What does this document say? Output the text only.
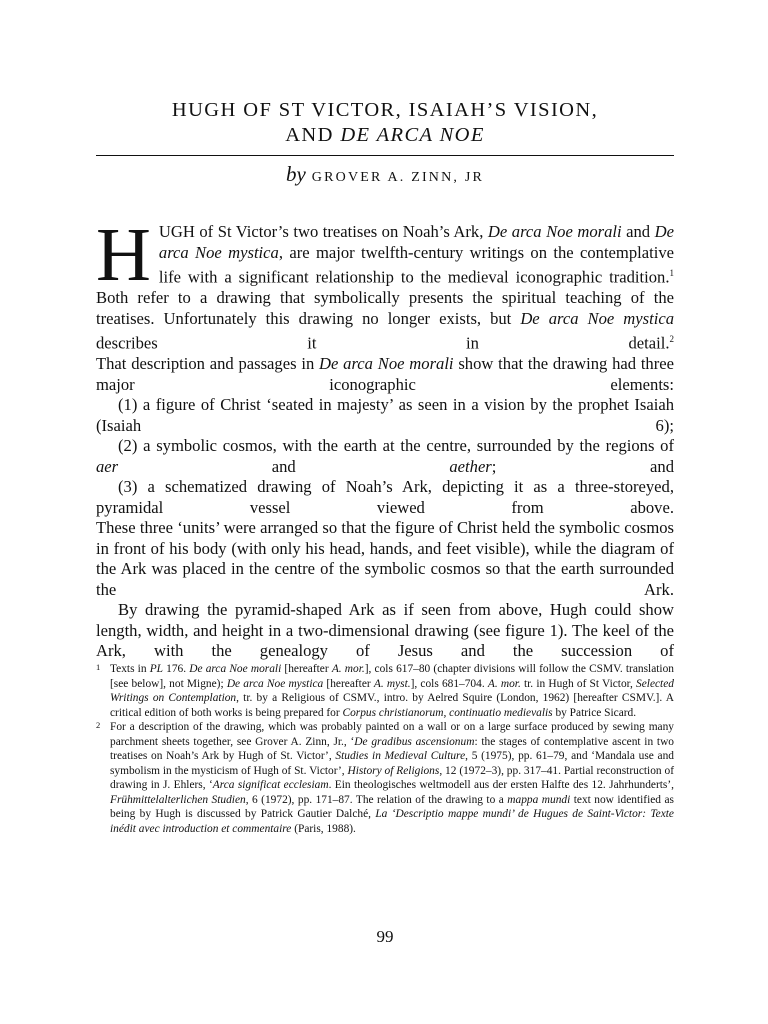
HUGH OF ST VICTOR, ISAIAH’S VISION,
AND DE ARCA NOE
by GROVER A. ZINN, JR

HUGH of St Victor’s two treatises on Noah’s Ark, De arca Noe morali and De arca Noe mystica, are major twelfth-century writings on the contemplative life with a significant relationship to the medieval iconographic tradition.$^1$ Both refer to a drawing that symbolically presents the spiritual teaching of the treatises. Unfortunately this drawing no longer exists, but De arca Noe mystica describes it in detail.$^2$

That description and passages in De arca Noe morali show that the drawing had three major iconographic elements:

(1) a figure of Christ ‘seated in majesty’ as seen in a vision by the prophet Isaiah (Isaiah 6);

(2) a symbolic cosmos, with the earth at the centre, surrounded by the regions of aer and aether; and

(3) a schematized drawing of Noah’s Ark, depicting it as a three-storeyed, pyramidal vessel viewed from above.

These three ‘units’ were arranged so that the figure of Christ held the symbolic cosmos in front of his body (with only his head, hands, and feet visible), while the diagram of the Ark was placed in the centre of the symbolic cosmos so that the earth surrounded the Ark.

By drawing the pyramid-shaped Ark as if seen from above, Hugh could show length, width, and height in a two-dimensional drawing (see figure 1). The keel of the Ark, with the genealogy of Jesus and the succession of

1 Texts in PL 176. De arca Noe morali [hereafter A. mor.], cols 617–80 (chapter divisions will follow the CSMV. translation [see below], not Migne); De arca Noe mystica [hereafter A. myst.], cols 681–704. A. mor. tr. in Hugh of St Victor, Selected Writings on Contemplation, tr. by a Religious of CSMV., intro. by Aelred Squire (London, 1962) [hereafter CSMV.]. A critical edition of both works is being prepared for Corpus christianorum, continuatio medievalis by Patrice Sicard.

2 For a description of the drawing, which was probably painted on a wall or on a large surface produced by sewing many parchment sheets together, see Grover A. Zinn, Jr., ‘De gradibus ascensionum: the stages of contemplative ascent in two treatises on Noah’s Ark by Hugh of St. Victor’, Studies in Medieval Culture, 5 (1975), pp. 61–79, and ‘Mandala use and symbolism in the mysticism of Hugh of St. Victor’, History of Religions, 12 (1972–3), pp. 317–41. Partial reconstruction of drawing in J. Ehlers, ‘Arca significat ecclesiam. Ein theologisches weltmodell aus der ersten Halfte des 12. Jahrhunderts’, Frühmittelalterlichen Studien, 6 (1972), pp. 171–87. The relation of the drawing to a mappa mundi text now identified as being by Hugh is discussed by Patrick Gautier Dalché, La ‘Descriptio mappe mundi’ de Hugues de Saint-Victor: Texte inédit avec introduction et commentaire (Paris, 1988).

99
